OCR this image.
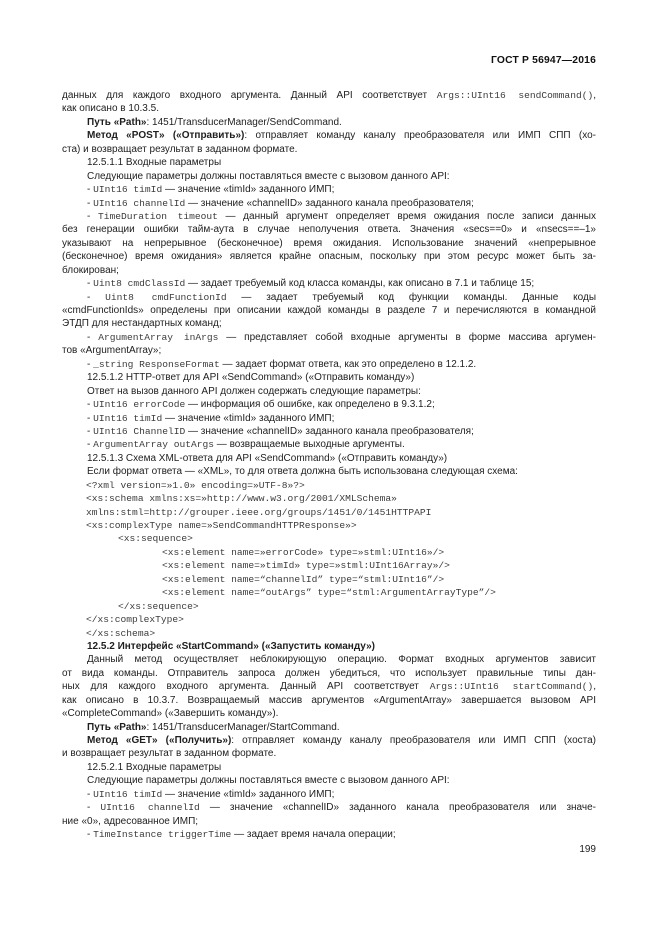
ГОСТ Р 56947—2016
данных для каждого входного аргумента. Данный API соответствует Args::UInt16 sendCommand(),
как описано в 10.3.5.
Путь «Path»: 1451/TransducerManager/SendCommand.
Метод «POST» («Отправить»): отправляет команду каналу преобразователя или ИМП СПП (хо-
ста) и возвращает результат в заданном формате.
12.5.1.1 Входные параметры
Следующие параметры должны поставляться вместе с вызовом данного API:
- UInt16 timId — значение «timId» заданного ИМП;
- UInt16 channelId — значение «channelID» заданного канала преобразователя;
- TimeDuration timeout — данный аргумент определяет время ожидания после записи данных
без генерации ошибки тайм-аута в случае неполучения ответа. Значения «secs==0» и «nsecs==–1»
указывают на непрерывное (бесконечное) время ожидания. Использование значений «непрерывное
(бесконечное) время ожидания» является крайне опасным, поскольку при этом ресурс может быть за-
блокирован;
- Uint8 cmdClassId — задает требуемый код класса команды, как описано в 7.1 и таблице 15;
- Uint8 cmdFunctionId — задает требуемый код функции команды. Данные коды
«cmdFunctionIds» определены при описании каждой команды в разделе 7 и перечисляются в командной
ЭТДП для нестандартных команд;
- ArgumentArray inArgs — представляет собой входные аргументы в форме массива аргумен-
тов «ArgumentArray»;
- _string ResponseFormat — задает формат ответа, как это определено в 12.1.2.
12.5.1.2 HTTP-ответ для API «SendCommand» («Отправить команду»)
Ответ на вызов данного API должен содержать следующие параметры:
- UInt16 errorCode — информация об ошибке, как определено в 9.3.1.2;
- UInt16 timId — значение «timId» заданного ИМП;
- UInt16 ChannelID — значение «channelID» заданного канала преобразователя;
- ArgumentArray outArgs — возвращаемые выходные аргументы.
12.5.1.3 Схема XML-ответа для API «SendCommand» («Отправить команду»)
Если формат ответа — «XML», то для ответа должна быть использована следующая схема:
<?xml version=»1.0» encoding=»UTF-8»?>
<xs:schema xmlns:xs=»http://www.w3.org/2001/XMLSchema»
xmlns:stml=http://grouper.ieee.org/groups/1451/0/1451HTTPAPI
<xs:complexType name=»SendCommandHTTPResponse»>
<xs:sequence>
<xs:element name=»errorCode» type=»stml:UInt16»/>
<xs:element name=»timId» type=»stml:UInt16Array»/>
<xs:element name=“channelId” type=“stml:UInt16”/>
<xs:element name=“outArgs” type=“stml:ArgumentArrayType”/>
</xs:sequence>
</xs:complexType>
</xs:schema>
12.5.2 Интерфейс «StartCommand» («Запустить команду»)
Данный метод осуществляет неблокирующую операцию. Формат входных аргументов зависит
от вида команды. Отправитель запроса должен убедиться, что использует правильные типы дан-
ных для каждого входного аргумента. Данный API соответствует Args::UInt16 startCommand(),
как описано в 10.3.7. Возвращаемый массив аргументов «ArgumentArray» завершается вызовом API
«CompleteCommand» («Завершить команду»).
Путь «Path»: 1451/TransducerManager/StartCommand.
Метод «GET» («Получить»): отправляет команду каналу преобразователя или ИМП СПП (хоста)
и возвращает результат в заданном формате.
12.5.2.1 Входные параметры
Следующие параметры должны поставляться вместе с вызовом данного API:
- UInt16 timId — значение «timId» заданного ИМП;
- UInt16 channelId — значение «channelID» заданного канала преобразователя или значе-
ние «0», адресованное ИМП;
- TimeInstance triggerTime — задает время начала операции;
199
